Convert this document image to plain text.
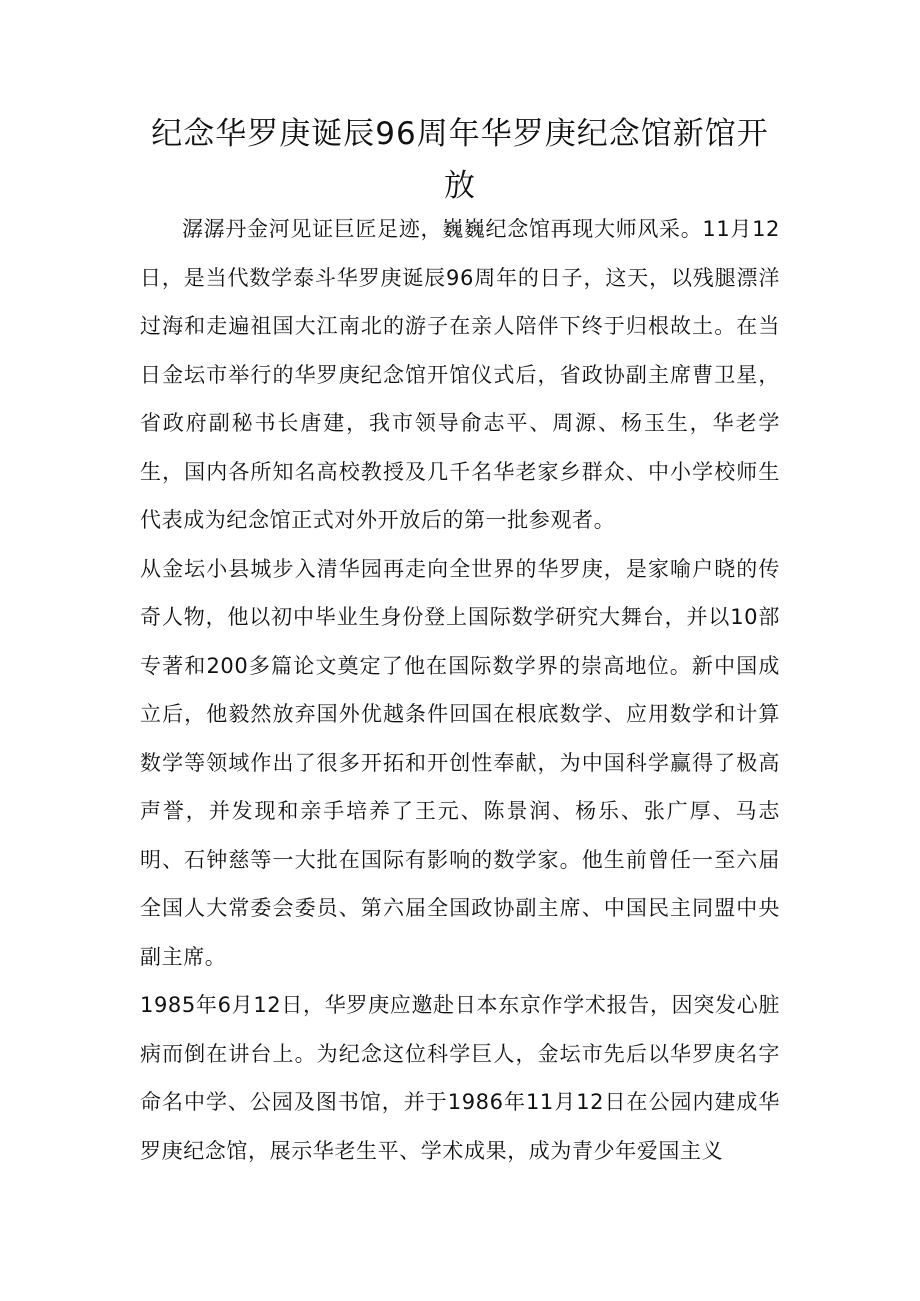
纪念华罗庚诞辰96周年华罗庚纪念馆新馆开放

潺潺丹金河见证巨匠足迹，巍巍纪念馆再现大师风采。11月12日，是当代数学泰斗华罗庚诞辰96周年的日子，这天，以残腿漂洋过海和走遍祖国大江南北的游子在亲人陪伴下终于归根故土。在当日金坛市举行的华罗庚纪念馆开馆仪式后，省政协副主席曹卫星，省政府副秘书长唐建，我市领导俞志平、周源、杨玉生，华老学生，国内各所知名高校教授及几千名华老家乡群众、中小学校师生代表成为纪念馆正式对外开放后的第一批参观者。

从金坛小县城步入清华园再走向全世界的华罗庚，是家喻户晓的传奇人物，他以初中毕业生身份登上国际数学研究大舞台，并以10部专著和200多篇论文奠定了他在国际数学界的崇高地位。新中国成立后，他毅然放弃国外优越条件回国在根底数学、应用数学和计算数学等领域作出了很多开拓和开创性奉献，为中国科学赢得了极高声誉，并发现和亲手培养了王元、陈景润、杨乐、张广厚、马志明、石钟慈等一大批在国际有影响的数学家。他生前曾任一至六届全国人大常委会委员、第六届全国政协副主席、中国民主同盟中央副主席。

1985年6月12日，华罗庚应邀赴日本东京作学术报告，因突发心脏病而倒在讲台上。为纪念这位科学巨人，金坛市先后以华罗庚名字命名中学、公园及图书馆，并于1986年11月12日在公园内建成华罗庚纪念馆，展示华老生平、学术成果，成为青少年爱国主义
